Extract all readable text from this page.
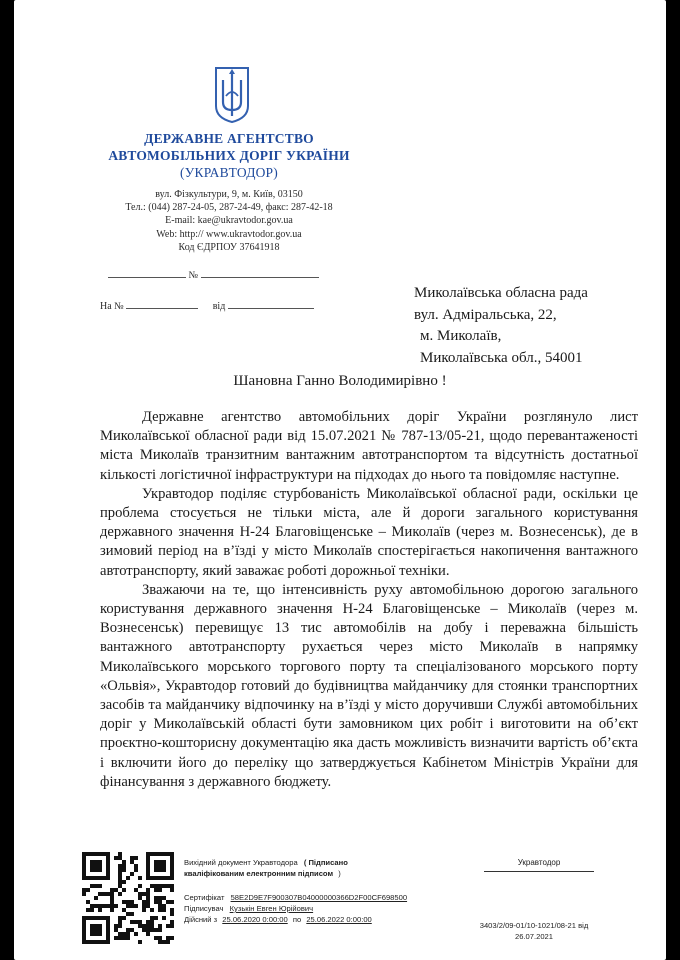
ДЕРЖАВНЕ АГЕНТСТВО
АВТОМОБІЛЬНИХ ДОРІГ УКРАЇНИ
(УКРАВТОДОР)
вул. Фізкультури, 9, м. Київ, 03150
Тел.: (044) 287-24-05, 287-24-49, факс: 287-42-18
E-mail: kae@ukravtodor.gov.ua
Web: http:// www.ukravtodor.gov.ua
Код ЄДРПОУ 37641918
№
На №	від
Миколаївська обласна рада
вул. Адміральська, 22,
м. Миколаїв,
Миколаївська обл., 54001
Шановна Ганно Володимирівно !

Державне агентство автомобільних доріг України розглянуло лист Миколаївської обласної ради від 15.07.2021 № 787-13/05-21, щодо перевантаженості міста Миколаїв транзитним вантажним автотранспортом та відсутність достатньої кількості логістичної інфраструктури на підходах до нього та повідомляє наступне.

Укравтодор поділяє стурбованість Миколаївської обласної ради, оскільки це проблема стосується не тільки міста, але й дороги загального користування державного значення Н-24 Благовіщенське – Миколаїв (через м. Вознесенськ), де в зимовий період на в’їзді у місто Миколаїв спостерігається накопичення вантажного автотранспорту, який заважає роботі дорожньої техніки.

Зважаючи на те, що інтенсивність руху автомобільною дорогою загального користування державного значення Н-24 Благовіщенське – Миколаїв (через м. Вознесенськ) перевищує 13 тис автомобілів на добу і переважна більшість вантажного автотранспорту рухається через місто Миколаїв в напрямку Миколаївського морського торгового порту та спеціалізованого морського порту «Ольвія», Укравтодор готовий до будівництва майданчику для стоянки транспортних засобів та майданчику відпочинку на в’їзді у місто доручивши Службі автомобільних доріг у Миколаївській області бути замовником цих робіт і виготовити на об’єкт проєктно-кошторисну документацію яка дасть можливість визначити вартість об’єкта і включити його до переліку що затверджується Кабінетом Міністрів України для фінансування з державного бюджету.

Вихідний документ Укравтодора ( Підписано
кваліфікованим електронним підписом )
Сертифікат 58E2D9E7F900307B04000000366D2F00CF698500
Підписувач Кузькін Евген Юрійович
Дійсний з 25.06.2020 0:00:00 по 25.06.2022 0:00:00
Укравтодор
3403/2/09-01/10-1021/08-21 від
26.07.2021
